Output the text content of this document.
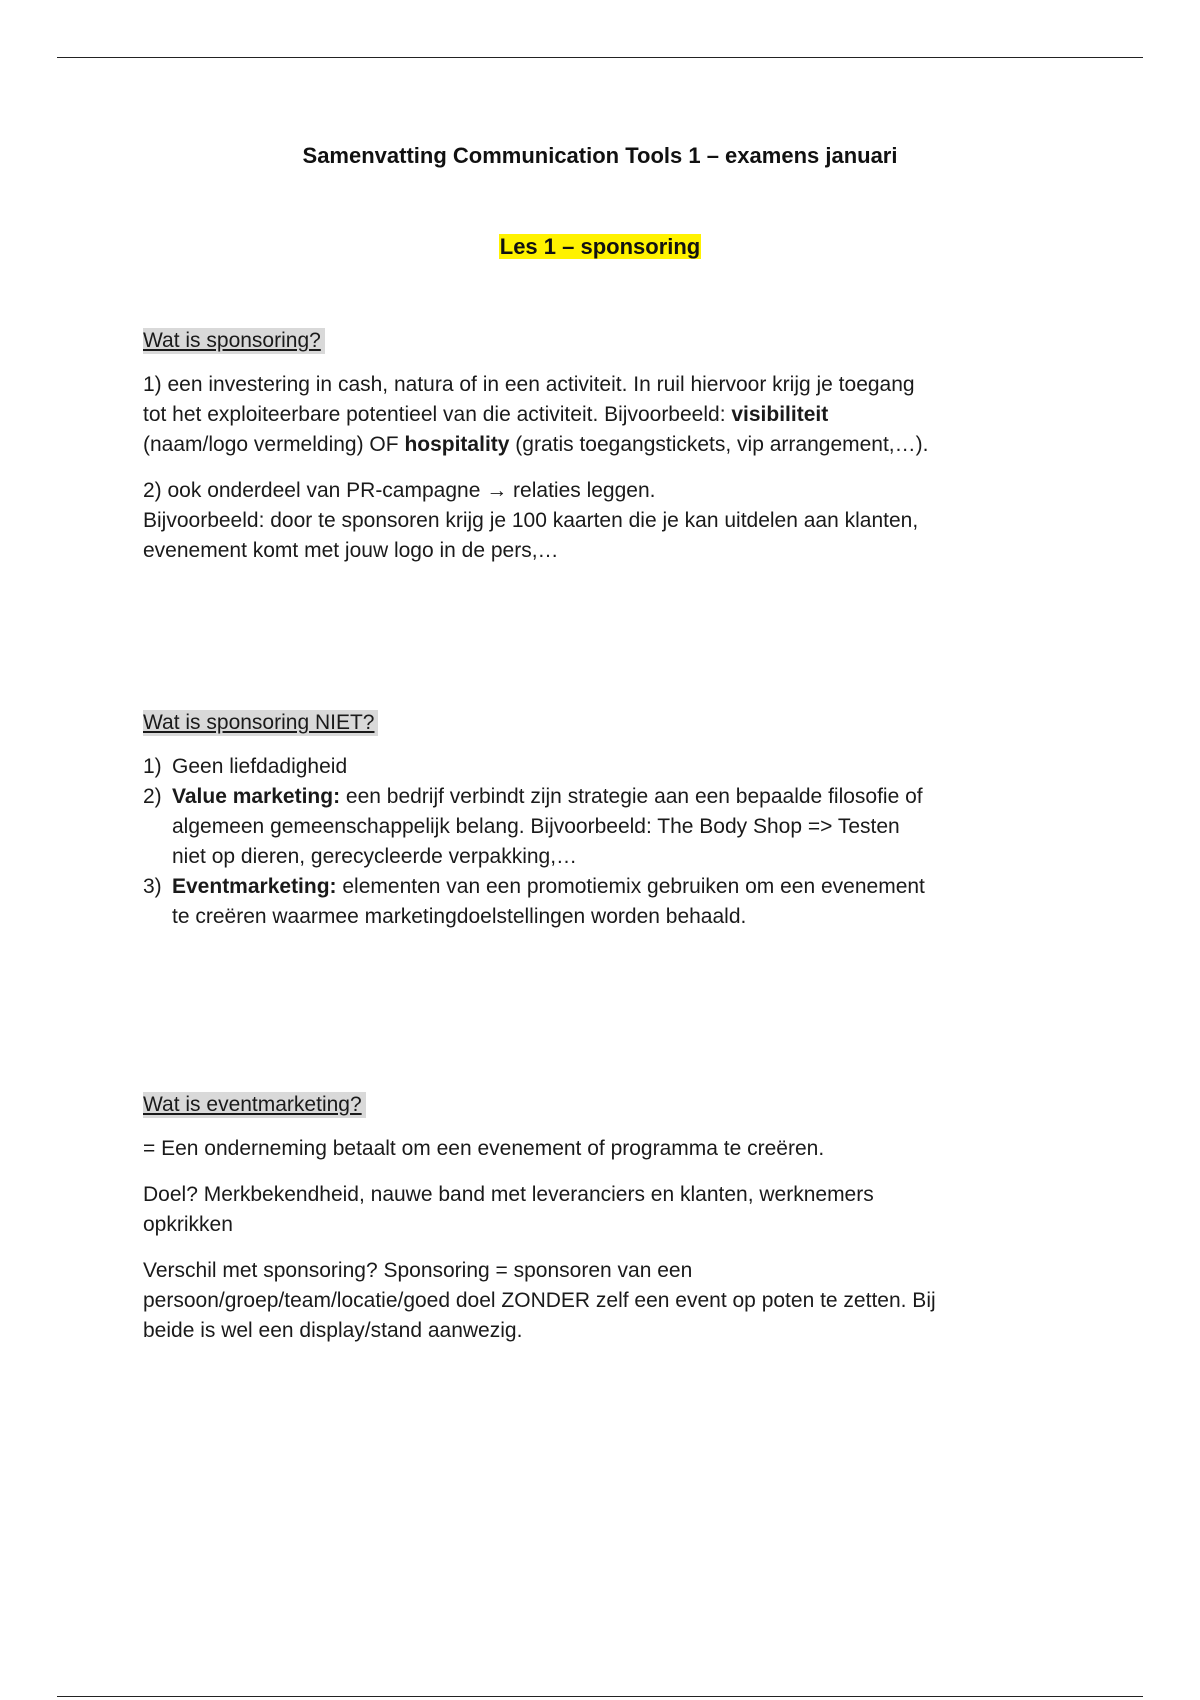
Samenvatting Communication Tools 1 – examens januari
Les 1 – sponsoring
Wat is sponsoring?
1) een investering in cash, natura of in een activiteit. In ruil hiervoor krijg je toegang
tot het exploiteerbare potentieel van die activiteit. Bijvoorbeeld: visibiliteit
(naam/logo vermelding) OF hospitality (gratis toegangstickets, vip arrangement,…).
2) ook onderdeel van PR-campagne → relaties leggen.
Bijvoorbeeld: door te sponsoren krijg je 100 kaarten die je kan uitdelen aan klanten,
evenement komt met jouw logo in de pers,…
Wat is sponsoring NIET?
1) Geen liefdadigheid
2) Value marketing: een bedrijf verbindt zijn strategie aan een bepaalde filosofie of
algemeen gemeenschappelijk belang. Bijvoorbeeld: The Body Shop => Testen
niet op dieren, gerecycleerde verpakking,…
3) Eventmarketing: elementen van een promotiemix gebruiken om een evenement
te creëren waarmee marketingdoelstellingen worden behaald.
Wat is eventmarketing?
= Een onderneming betaalt om een evenement of programma te creëren.
Doel? Merkbekendheid, nauwe band met leveranciers en klanten, werknemers
opkrikken
Verschil met sponsoring? Sponsoring = sponsoren van een
persoon/groep/team/locatie/goed doel ZONDER zelf een event op poten te zetten. Bij
beide is wel een display/stand aanwezig.
